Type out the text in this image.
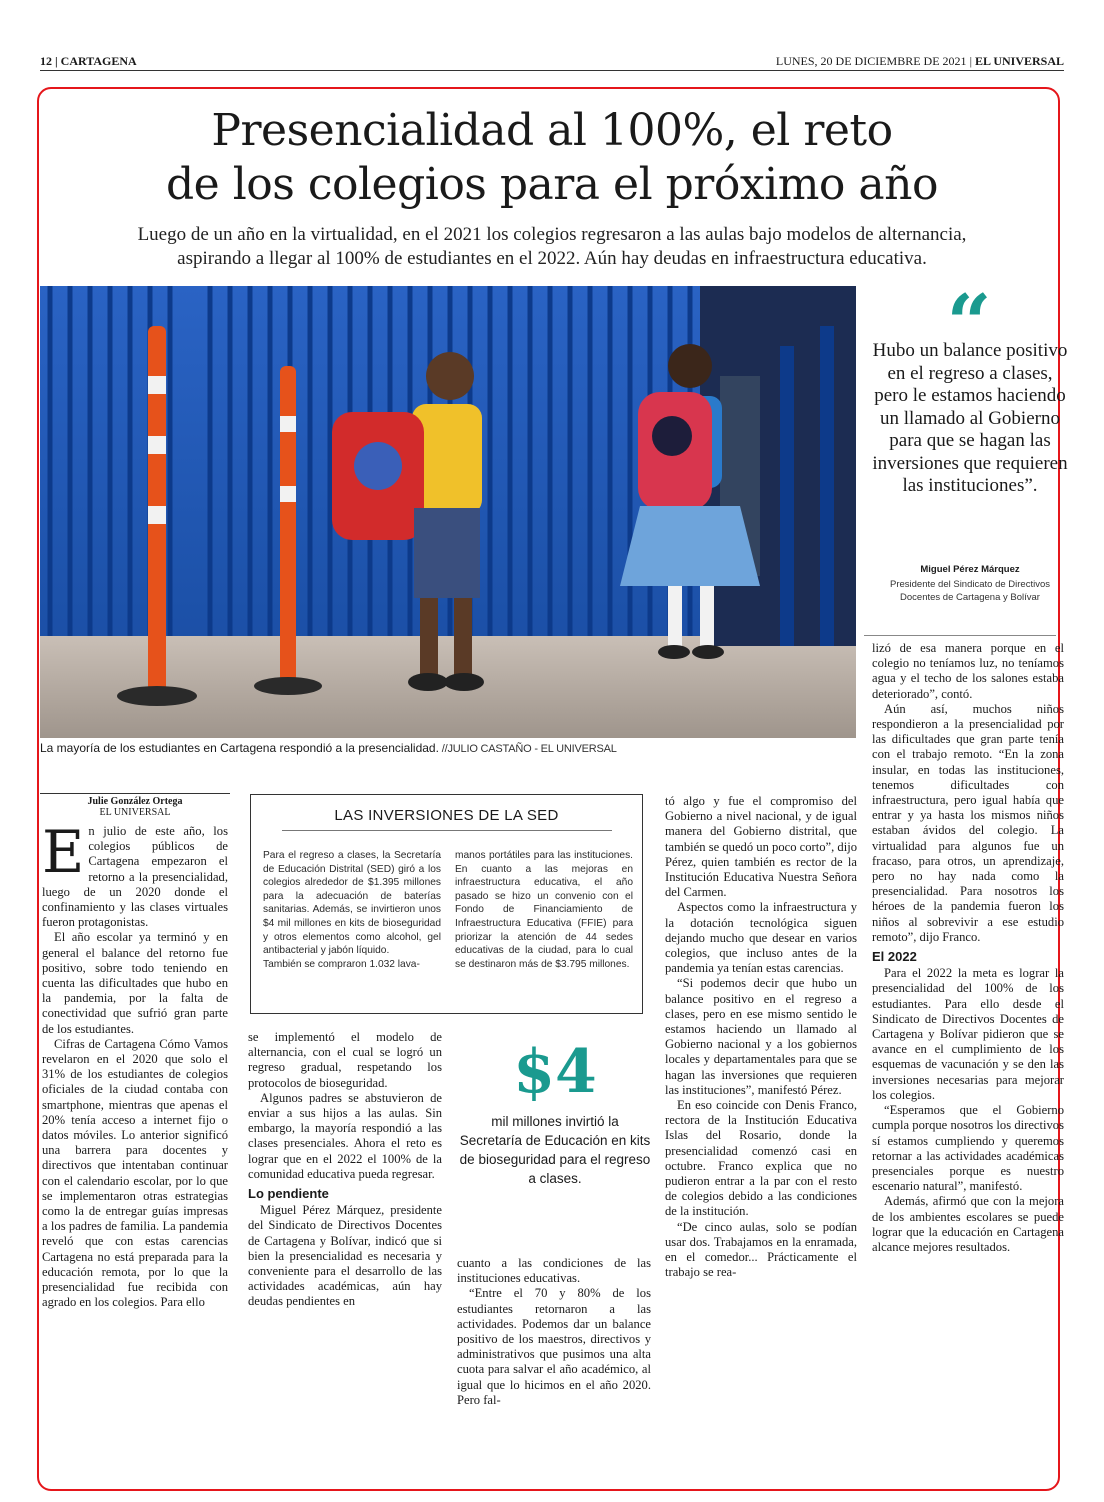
12 | CARTAGENA	LUNES, 20 DE DICIEMBRE DE 2021 | EL UNIVERSAL
Presencialidad al 100%, el reto
de los colegios para el próximo año
Luego de un año en la virtualidad, en el 2021 los colegios regresaron a las aulas bajo modelos de alternancia,
aspirando a llegar al 100% de estudiantes en el 2022. Aún hay deudas en infraestructura educativa.
La mayoría de los estudiantes en Cartagena respondió a la presencialidad. //JULIO CASTAÑO - EL UNIVERSAL
“
Hubo un balance positivo en el regreso a clases, pero le estamos haciendo un llamado al Gobierno para que se hagan las inversiones que requieren las instituciones”.
Miguel Pérez Márquez
Presidente del Sindicato de Directivos
Docentes de Cartagena y Bolívar
Julie González Ortega
EL UNIVERSAL

En julio de este año, los colegios públicos de Cartagena empezaron el retorno a la presencialidad, luego de un 2020 donde el confinamiento y las clases virtuales fueron protagonistas.

El año escolar ya terminó y en general el balance del retorno fue positivo, sobre todo teniendo en cuenta las dificultades que hubo en la pandemia, por la falta de conectividad que sufrió gran parte de los estudiantes.

Cifras de Cartagena Cómo Vamos revelaron en el 2020 que solo el 31% de los estudiantes de colegios oficiales de la ciudad contaba con smartphone, mientras que apenas el 20% tenía acceso a internet fijo o datos móviles. Lo anterior significó una barrera para docentes y directivos que intentaban continuar con el calendario escolar, por lo que se implementaron otras estrategias como la de entregar guías impresas a los padres de familia. La pandemia reveló que con estas carencias Cartagena no está preparada para la educación remota, por lo que la presencialidad fue recibida con agrado en los colegios. Para ello

LAS INVERSIONES DE LA SED

Para el regreso a clases, la Secretaría de Educación Distrital (SED) giró a los colegios alrededor de $1.395 millones para la adecuación de baterías sanitarias. Además, se invirtieron unos $4 mil millones en kits de bioseguridad y otros elementos como alcohol, gel antibacterial y jabón líquido.

También se compraron 1.032 lava-

manos portátiles para las instituciones. En cuanto a las mejoras en infraestructura educativa, el año pasado se hizo un convenio con el Fondo de Financiamiento de Infraestructura Educativa (FFIE) para priorizar la atención de 44 sedes educativas de la ciudad, para lo cual se destinaron más de $3.795 millones.

se implementó el modelo de alternancia, con el cual se logró un regreso gradual, respetando los protocolos de bioseguridad.

Algunos padres se abstuvieron de enviar a sus hijos a las aulas. Sin embargo, la mayoría respondió a las clases presenciales. Ahora el reto es lograr que en el 2022 el 100% de la comunidad educativa pueda regresar.

Lo pendiente

Miguel Pérez Márquez, presidente del Sindicato de Directivos Docentes de Cartagena y Bolívar, indicó que si bien la presencialidad es necesaria y conveniente para el desarrollo de las actividades académicas, aún hay deudas pendientes en

$4
mil millones invirtió la
Secretaría de Educación en kits
de bioseguridad para el regreso
a clases.

cuanto a las condiciones de las instituciones educativas.

“Entre el 70 y 80% de los estudiantes retornaron a las actividades. Podemos dar un balance positivo de los maestros, directivos y administrativos que pusimos una alta cuota para salvar el año académico, al igual que lo hicimos en el año 2020. Pero fal-

tó algo y fue el compromiso del Gobierno a nivel nacional, y de igual manera del Gobierno distrital, que también se quedó un poco corto”, dijo Pérez, quien también es rector de la Institución Educativa Nuestra Señora del Carmen.

Aspectos como la infraestructura y la dotación tecnológica siguen dejando mucho que desear en varios colegios, que incluso antes de la pandemia ya tenían estas carencias.

“Si podemos decir que hubo un balance positivo en el regreso a clases, pero en ese mismo sentido le estamos haciendo un llamado al Gobierno nacional y a los gobiernos locales y departamentales para que se hagan las inversiones que requieren las instituciones”, manifestó Pérez.

En eso coincide con Denis Franco, rectora de la Institución Educativa Islas del Rosario, donde la presencialidad comenzó casi en octubre. Franco explica que no pudieron entrar a la par con el resto de colegios debido a las condiciones de la institución.

“De cinco aulas, solo se podían usar dos. Trabajamos en la enramada, en el comedor... Prácticamente el trabajo se rea-

lizó de esa manera porque en el colegio no teníamos luz, no teníamos agua y el techo de los salones estaba deteriorado”, contó.

Aún así, muchos niños respondieron a la presencialidad por las dificultades que gran parte tenía con el trabajo remoto. “En la zona insular, en todas las instituciones, tenemos dificultades con infraestructura, pero igual había que entrar y ya hasta los mismos niños estaban ávidos del colegio. La virtualidad para algunos fue un fracaso, para otros, un aprendizaje, pero no hay nada como la presencialidad. Para nosotros los héroes de la pandemia fueron los niños al sobrevivir a ese estudio remoto”, dijo Franco.

El 2022

Para el 2022 la meta es lograr la presencialidad del 100% de los estudiantes. Para ello desde el Sindicato de Directivos Docentes de Cartagena y Bolívar pidieron que se avance en el cumplimiento de los esquemas de vacunación y se den las inversiones necesarias para mejorar los colegios.

“Esperamos que el Gobierno cumpla porque nosotros los directivos sí estamos cumpliendo y queremos retornar a las actividades académicas presenciales porque es nuestro escenario natural”, manifestó.

Además, afirmó que con la mejora de los ambientes escolares se puede lograr que la educación en Cartagena alcance mejores resultados.
